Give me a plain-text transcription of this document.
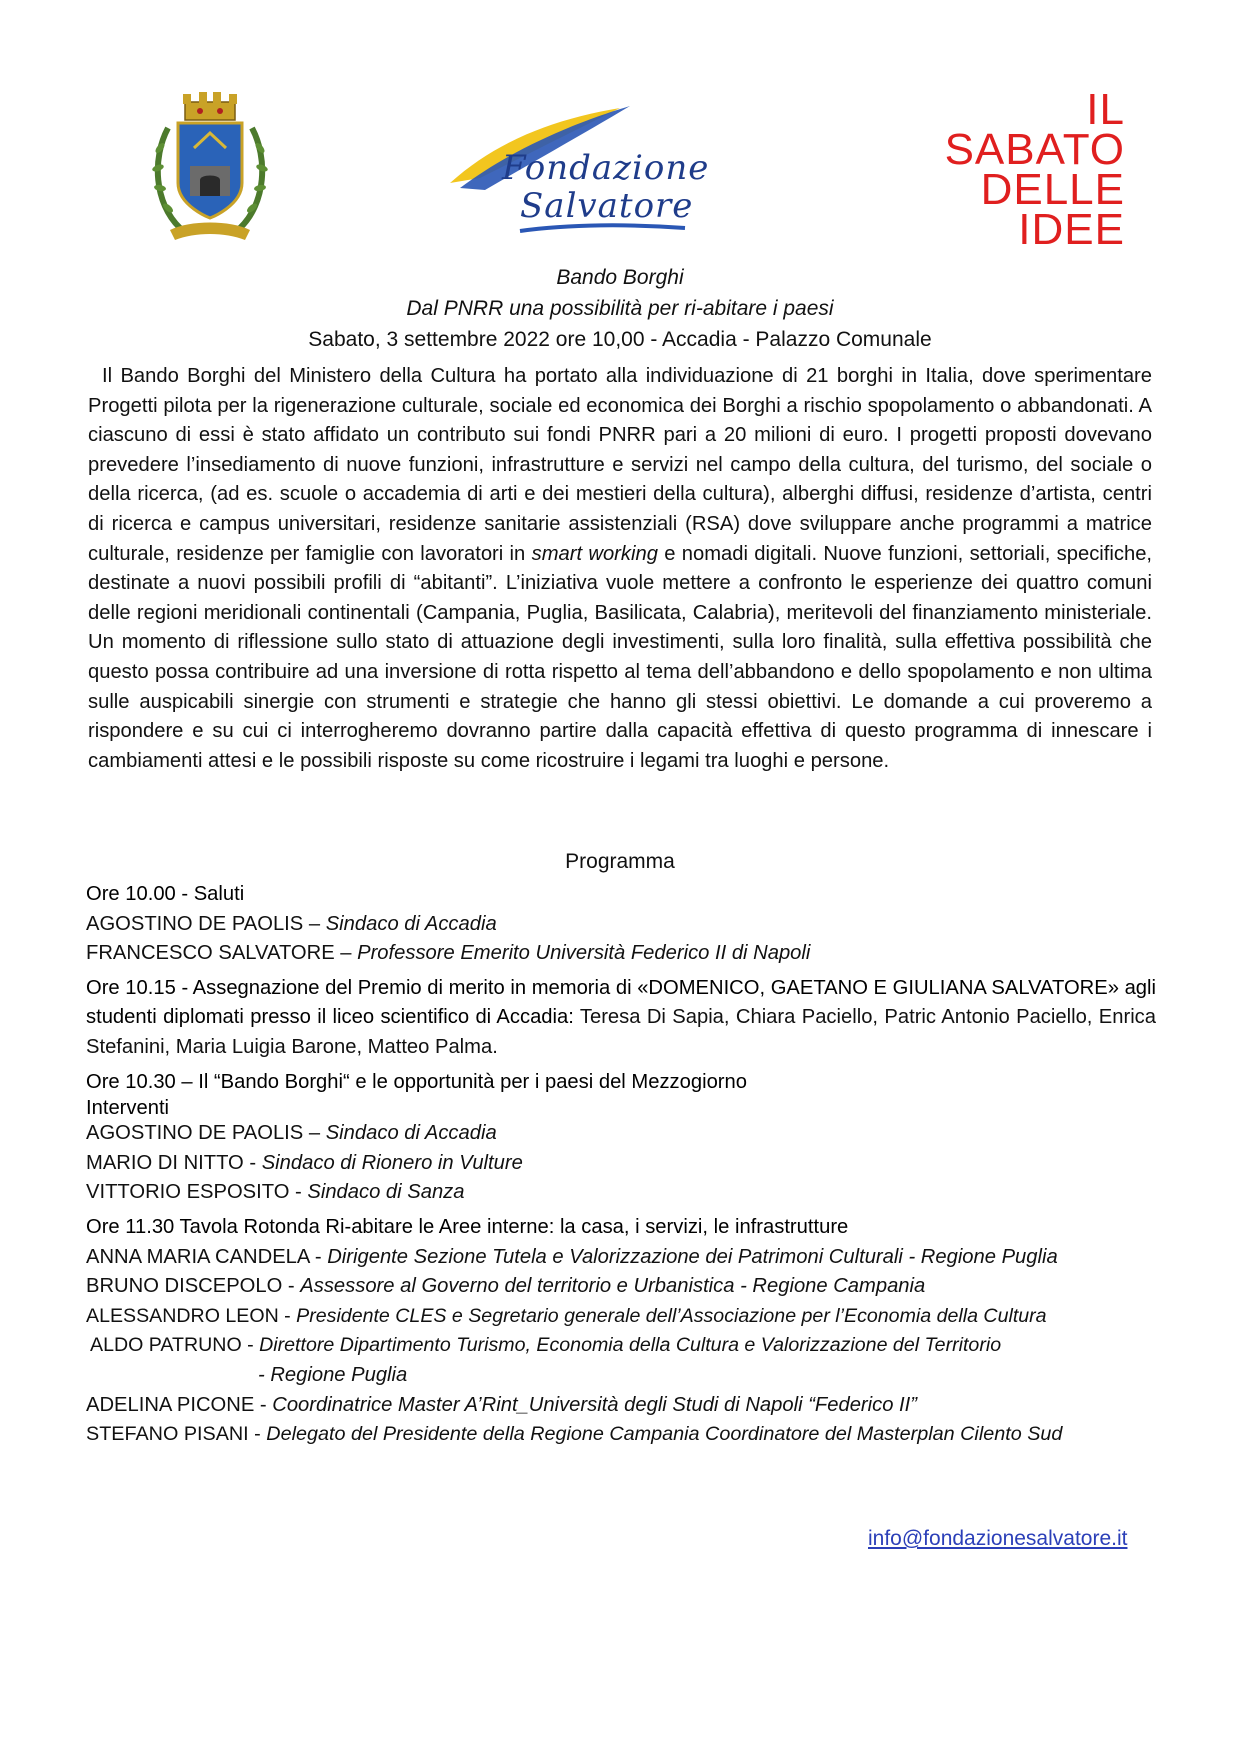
Fondazione
Salvatore
IL
SABATO
DELLE
IDEE
Bando Borghi
Dal PNRR una possibilità per ri-abitare i paesi
Sabato, 3 settembre 2022 ore 10,00 - Accadia - Palazzo Comunale

Il Bando Borghi del Ministero della Cultura ha portato alla individuazione di 21 borghi in Italia, dove sperimentare Progetti pilota per la rigenerazione culturale, sociale ed economica dei Borghi a rischio spopolamento o abbandonati. A ciascuno di essi è stato affidato un contributo sui fondi PNRR pari a 20 milioni di euro. I progetti proposti dovevano prevedere l’insediamento di nuove funzioni, infrastrutture e servizi nel campo della cultura, del turismo, del sociale o della ricerca, (ad es. scuole o accademia di arti e dei mestieri della cultura), alberghi diffusi, residenze d’artista, centri di ricerca e campus universitari, residenze sanitarie assistenziali (RSA) dove sviluppare anche programmi a matrice culturale, residenze per famiglie con lavoratori in smart working e nomadi digitali. Nuove funzioni, settoriali, specifiche, destinate a nuovi possibili profili di “abitanti”. L’iniziativa vuole mettere a confronto le esperienze dei quattro comuni delle regioni meridionali continentali (Campania, Puglia, Basilicata, Calabria), meritevoli del finanziamento ministeriale. Un momento di riflessione sullo stato di attuazione degli investimenti, sulla loro finalità, sulla effettiva possibilità che questo possa contribuire ad una inversione di rotta rispetto al tema dell’abbandono e dello spopolamento e non ultima sulle auspicabili sinergie con strumenti e strategie che hanno gli stessi obiettivi. Le domande a cui proveremo a rispondere e su cui ci interrogheremo dovranno partire dalla capacità effettiva di questo programma di innescare i cambiamenti attesi e le possibili risposte su come ricostruire i legami tra luoghi e persone.

Programma
Ore 10.00 - Saluti
AGOSTINO DE PAOLIS – Sindaco di Accadia
FRANCESCO SALVATORE – Professore Emerito Università Federico II di Napoli
Ore 10.15 - Assegnazione del Premio di merito in memoria di «DOMENICO, GAETANO E GIULIANA SALVATORE» agli studenti diplomati presso il liceo scientifico di Accadia: Teresa Di Sapia, Chiara Paciello, Patric Antonio Paciello, Enrica Stefanini, Maria Luigia Barone, Matteo Palma.
Ore 10.30 – Il “Bando Borghi“ e le opportunità per i paesi del Mezzogiorno
Interventi
AGOSTINO DE PAOLIS – Sindaco di Accadia
MARIO DI NITTO - Sindaco di Rionero in Vulture
VITTORIO ESPOSITO - Sindaco di Sanza
Ore 11.30 Tavola Rotonda Ri-abitare le Aree interne: la casa, i servizi, le infrastrutture
ANNA MARIA CANDELA - Dirigente Sezione Tutela e Valorizzazione dei Patrimoni Culturali - Regione Puglia
BRUNO DISCEPOLO - Assessore al Governo del territorio e Urbanistica - Regione Campania
ALESSANDRO LEON - Presidente CLES e Segretario generale dell’Associazione per l’Economia della Cultura
ALDO PATRUNO - Direttore Dipartimento Turismo, Economia della Cultura e Valorizzazione del Territorio
- Regione Puglia
ADELINA PICONE - Coordinatrice Master A’Rint_Università degli Studi di Napoli “Federico II”
STEFANO PISANI - Delegato del Presidente della Regione Campania Coordinatore del Masterplan Cilento Sud
info@fondazionesalvatore.it
